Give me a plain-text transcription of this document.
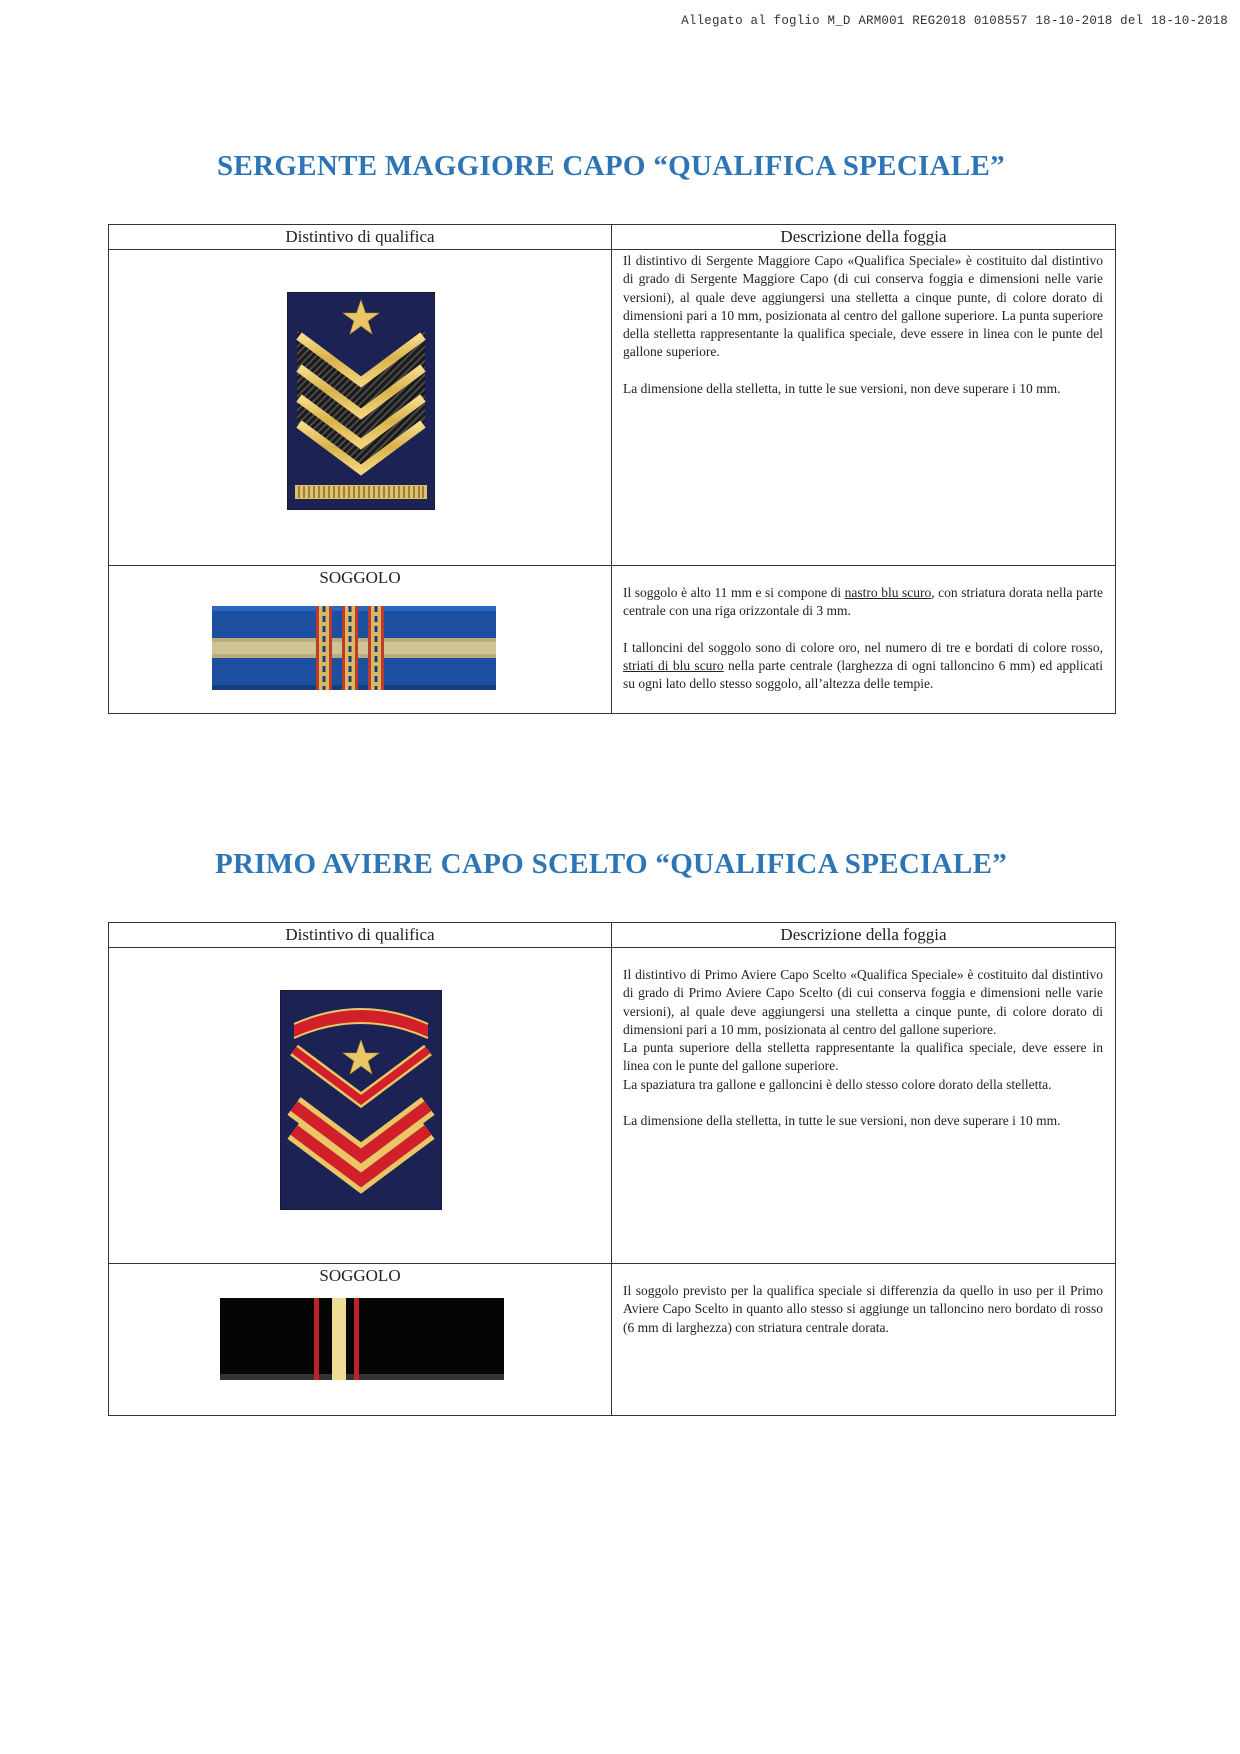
Allegato al foglio M_D ARM001 REG2018 0108557 18-10-2018 del 18-10-2018
SERGENTE MAGGIORE CAPO “QUALIFICA SPECIALE”
Distintivo di qualifica	Descrizione della foggia

Il distintivo di Sergente Maggiore Capo «Qualifica Speciale» è costituito dal distintivo di grado di Sergente Maggiore Capo (di cui conserva foggia e dimensioni nelle varie versioni), al quale deve aggiungersi una stelletta a cinque punte, di colore dorato di dimensioni pari a 10 mm, posizionata al centro del gallone superiore. La punta superiore della stelletta rappresentante la qualifica speciale, deve essere in linea con le punte del gallone superiore.

La dimensione della stelletta, in tutte le sue versioni, non deve superare i 10 mm.

SOGGOLO	Il soggolo è alto 11 mm e si compone di nastro blu scuro, con striatura dorata nella parte centrale con una riga orizzontale di 3 mm.

I talloncini del soggolo sono di colore oro, nel numero di tre e bordati di colore rosso, striati di blu scuro nella parte centrale (larghezza di ogni talloncino 6 mm) ed applicati su ogni lato dello stesso soggolo, all’altezza delle tempie.

PRIMO AVIERE CAPO SCELTO “QUALIFICA SPECIALE”
Distintivo di qualifica	Descrizione della foggia

Il distintivo di Primo Aviere Capo Scelto «Qualifica Speciale» è costituito dal distintivo di grado di Primo Aviere Capo Scelto (di cui conserva foggia e dimensioni nelle varie versioni), al quale deve aggiungersi una stelletta a cinque punte, di colore dorato di dimensioni pari a 10 mm, posizionata al centro del gallone superiore.

La punta superiore della stelletta rappresentante la qualifica speciale, deve essere in linea con le punte del gallone superiore.

La spaziatura tra gallone e galloncini è dello stesso colore dorato della stelletta.

La dimensione della stelletta, in tutte le sue versioni, non deve superare i 10 mm.

SOGGOLO	Il soggolo previsto per la qualifica speciale si differenzia da quello in uso per il Primo Aviere Capo Scelto in quanto allo stesso si aggiunge un talloncino nero bordato di rosso (6 mm di larghezza) con striatura centrale dorata.
